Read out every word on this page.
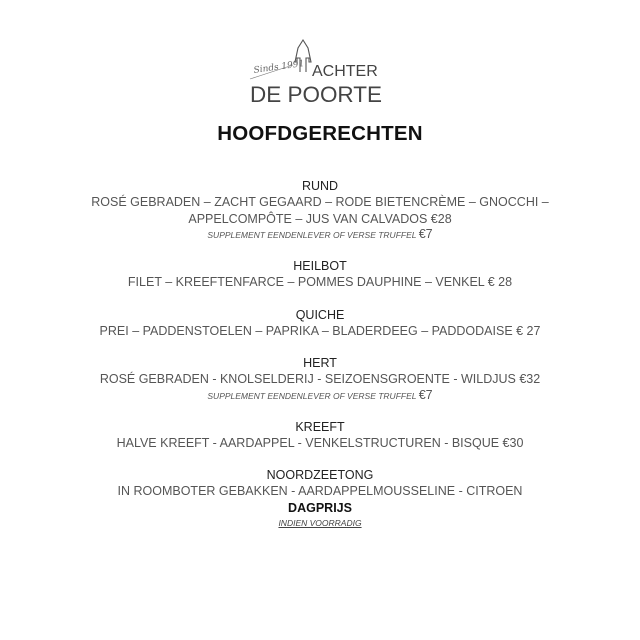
Sinds 1991 ACHTER
DE POORTE
HOOFDGERECHTEN
RUND
ROSÉ GEBRADEN – ZACHT GEGAARD – RODE BIETENCRÈME – GNOCCHI – APPELCOMPÔTE – JUS VAN CALVADOS €28
SUPPLEMENT EENDENLEVER OF VERSE TRUFFEL €7
HEILBOT
FILET – KREEFTENFARCE – POMMES DAUPHINE – VENKEL € 28
QUICHE
PREI – PADDENSTOELEN – PAPRIKA – BLADERDEEG – PADDODAISE € 27
HERT
ROSÉ GEBRADEN - KNOLSELDERIJ - SEIZOENSGROENTE - WILDJUS €32
SUPPLEMENT EENDENLEVER OF VERSE TRUFFEL €7
KREEFT
HALVE KREEFT - AARDAPPEL - VENKELSTRUCTUREN - BISQUE €30
NOORDZEETONG
IN ROOMBOTER GEBAKKEN - AARDAPPELMOUSSELINE - CITROEN
DAGPRIJS
INDIEN VOORRADIG
